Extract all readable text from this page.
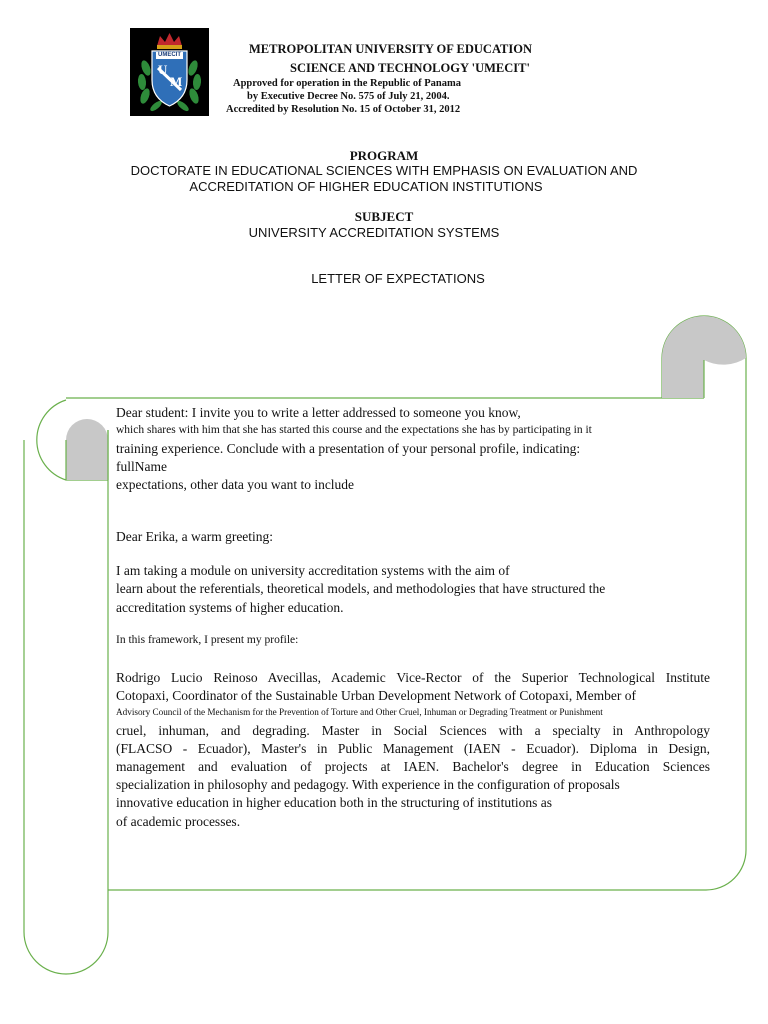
UMECIT
U
M
METROPOLITAN UNIVERSITY OF EDUCATION
SCIENCE AND TECHNOLOGY 'UMECIT'
Approved for operation in the Republic of Panama
by Executive Decree No. 575 of July 21, 2004.
Accredited by Resolution No. 15 of October 31, 2012
PROGRAM
DOCTORATE IN EDUCATIONAL SCIENCES WITH EMPHASIS ON EVALUATION AND
ACCREDITATION OF HIGHER EDUCATION INSTITUTIONS
SUBJECT
UNIVERSITY ACCREDITATION SYSTEMS
LETTER OF EXPECTATIONS
Dear student: I invite you to write a letter addressed to someone you know,
which shares with him that she has started this course and the expectations she has by participating in it
training experience. Conclude with a presentation of your personal profile, indicating:
fullName
expectations, other data you want to include
Dear Erika, a warm greeting:
I am taking a module on university accreditation systems with the aim of
learn about the referentials, theoretical models, and methodologies that have structured the
accreditation systems of higher education.
In this framework, I present my profile:
Rodrigo Lucio Reinoso Avecillas, Academic Vice-Rector of the Superior Technological Institute
Cotopaxi, Coordinator of the Sustainable Urban Development Network of Cotopaxi, Member of
Advisory Council of the Mechanism for the Prevention of Torture and Other Cruel, Inhuman or Degrading Treatment or Punishment
cruel, inhuman, and degrading. Master in Social Sciences with a specialty in Anthropology
(FLACSO - Ecuador), Master's in Public Management (IAEN - Ecuador). Diploma in Design,
management and evaluation of projects at IAEN. Bachelor's degree in Education Sciences
specialization in philosophy and pedagogy. With experience in the configuration of proposals
innovative education in higher education both in the structuring of institutions as
of academic processes.
